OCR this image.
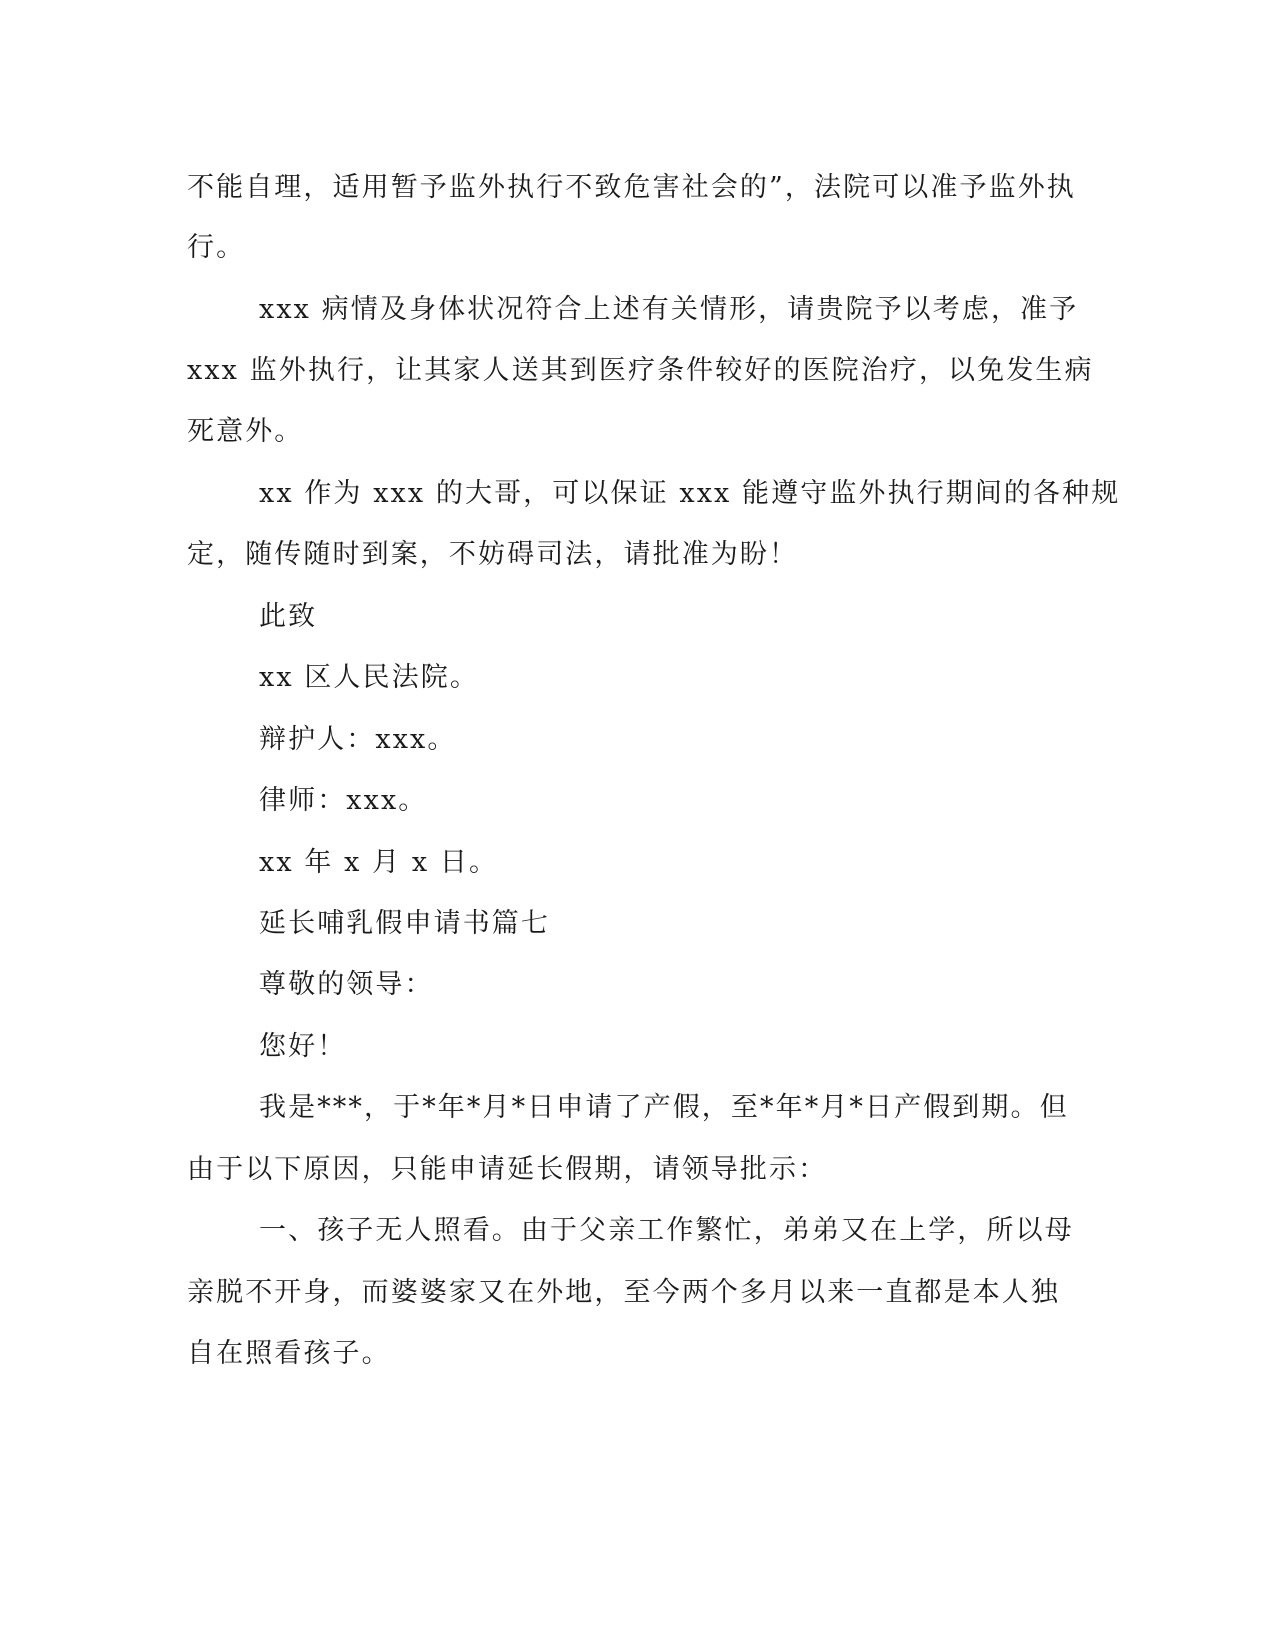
不能自理，适用暂予监外执行不致危害社会的”，法院可以准予监外执
行。
xxx 病情及身体状况符合上述有关情形，请贵院予以考虑，准予
xxx 监外执行，让其家人送其到医疗条件较好的医院治疗，以免发生病
死意外。
xx 作为 xxx 的大哥，可以保证 xxx 能遵守监外执行期间的各种规
定，随传随时到案，不妨碍司法，请批准为盼！
此致
xx 区人民法院。
辩护人：xxx。
律师：xxx。
xx 年 x 月 x 日。
延长哺乳假申请书篇七
尊敬的领导：
您好！
我是***，于*年*月*日申请了产假，至*年*月*日产假到期。但
由于以下原因，只能申请延长假期，请领导批示：
一、孩子无人照看。由于父亲工作繁忙，弟弟又在上学，所以母
亲脱不开身，而婆婆家又在外地，至今两个多月以来一直都是本人独
自在照看孩子。
